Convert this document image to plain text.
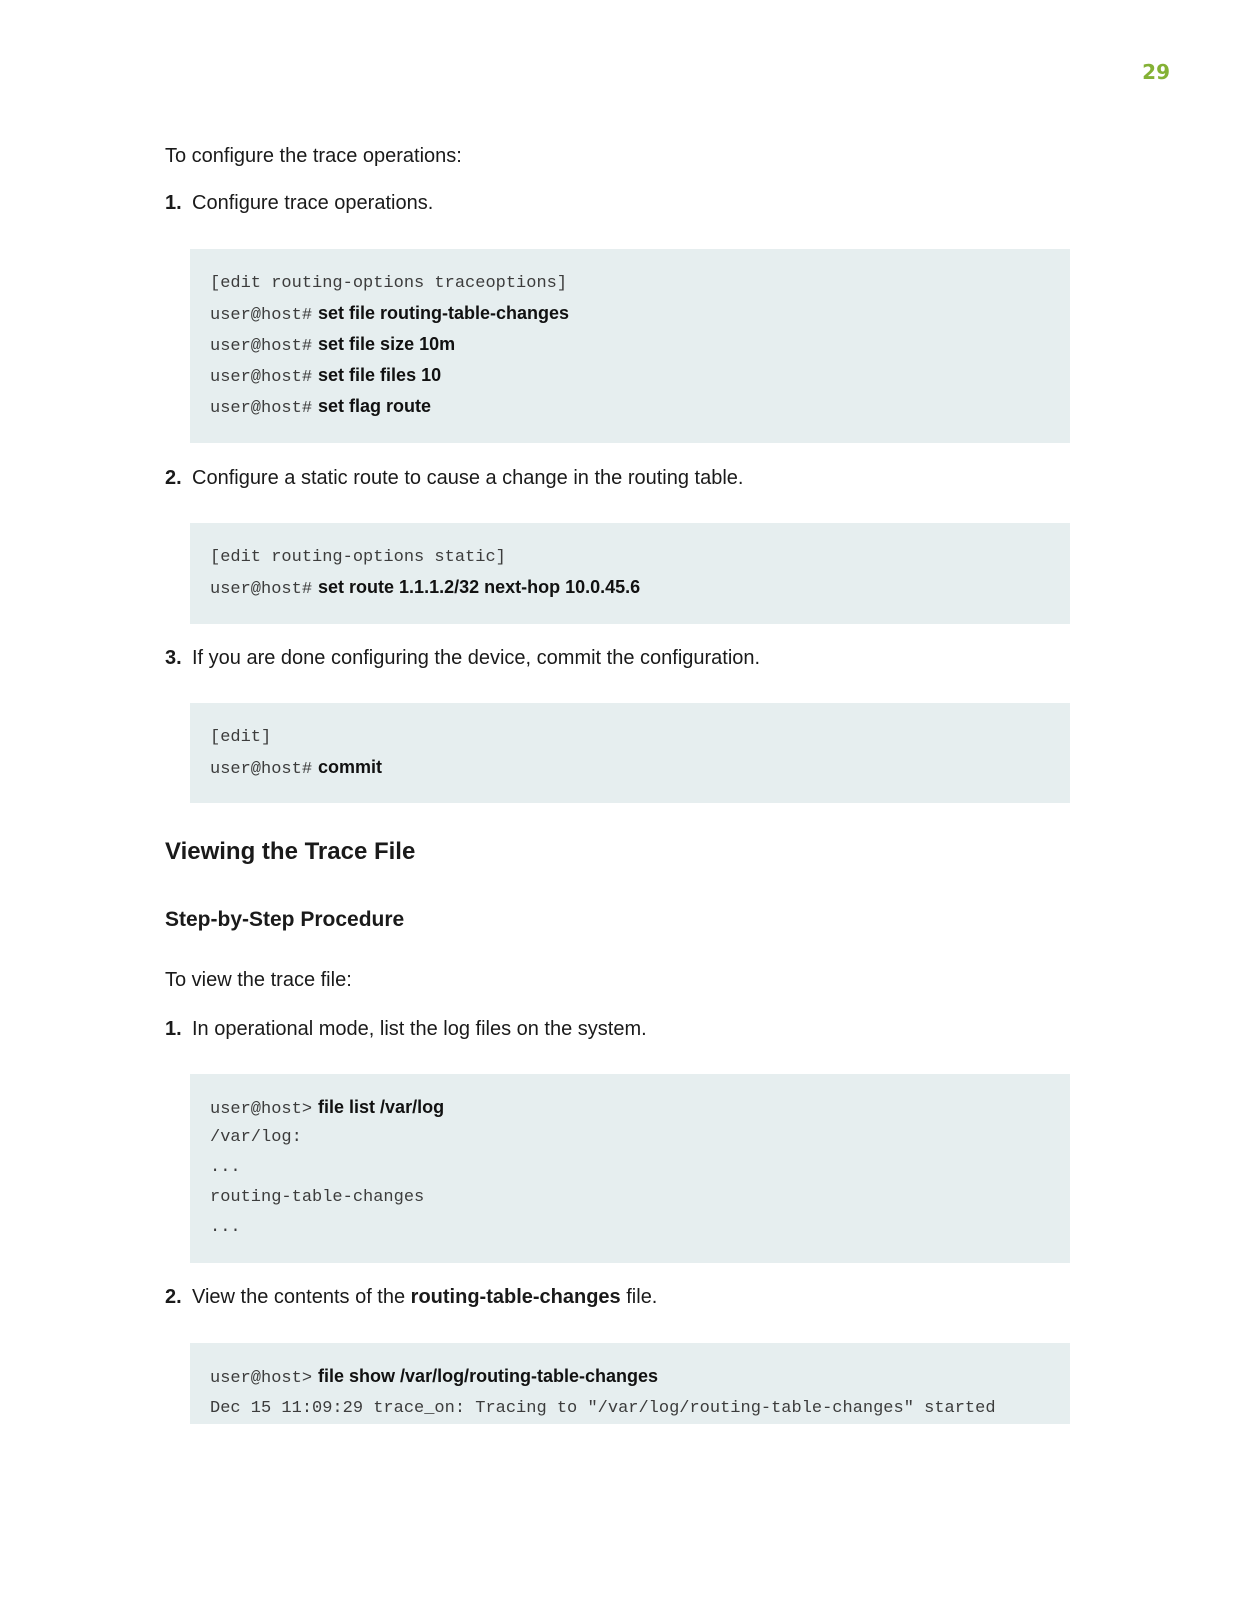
29
To configure the trace operations:
1. Configure trace operations.
[edit routing-options traceoptions]
user@host# set file routing-table-changes
user@host# set file size 10m
user@host# set file files 10
user@host# set flag route
2. Configure a static route to cause a change in the routing table.
[edit routing-options static]
user@host# set route 1.1.1.2/32 next-hop 10.0.45.6
3. If you are done configuring the device, commit the configuration.
[edit]
user@host# commit
Viewing the Trace File
Step-by-Step Procedure
To view the trace file:
1. In operational mode, list the log files on the system.
user@host> file list /var/log
/var/log:
...
routing-table-changes
...
2. View the contents of the routing-table-changes file.
user@host> file show /var/log/routing-table-changes
Dec 15 11:09:29 trace_on: Tracing to "/var/log/routing-table-changes" started
